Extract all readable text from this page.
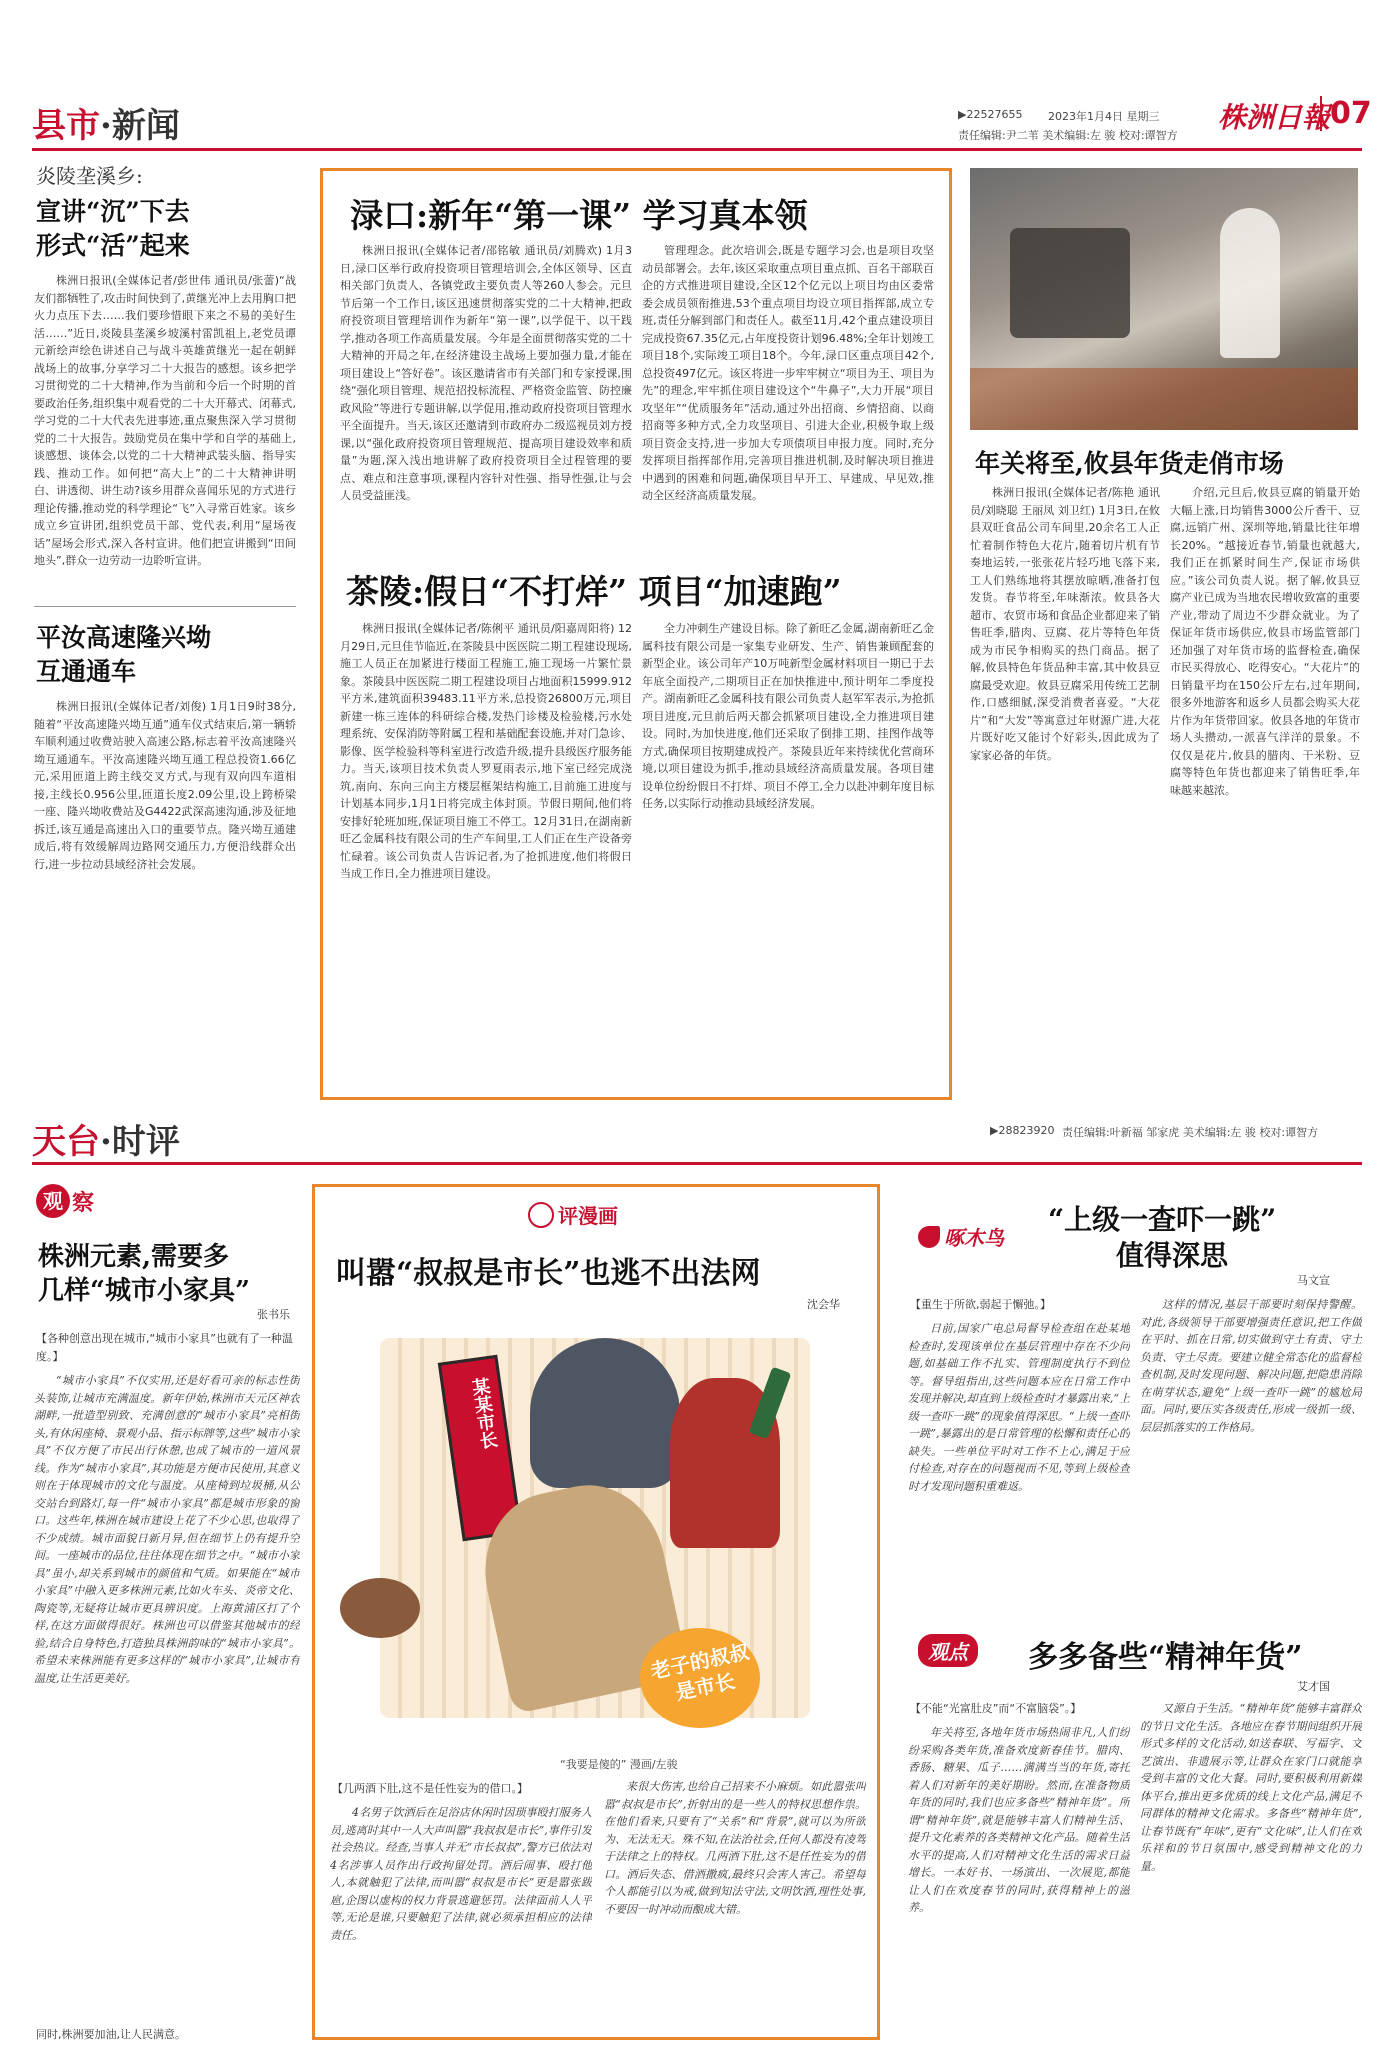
县市·新闻	▶22527655 2023年1月4日 星期三
责任编辑:尹二苇 美术编辑:左 骏 校对:谭智方
株洲日報 07
炎陵垄溪乡:
宣讲“沉”下去
形式“活”起来

株洲日报讯(全媒体记者/彭世伟 通讯员/张蕾)“战友们都牺牲了,攻击时间快到了,黄继光冲上去用胸口把火力点压下去……我们要珍惜眼下来之不易的美好生活……”近日,炎陵县垄溪乡坡溪村雷凯祖上,老党员谭元新绘声绘色讲述自己与战斗英雄黄继光一起在朝鲜战场上的故事,分享学习二十大报告的感想。该乡把学习贯彻党的二十大精神,作为当前和今后一个时期的首要政治任务,组织集中观看党的二十大开幕式、闭幕式,学习党的二十大代表先进事迹,重点聚焦深入学习贯彻党的二十大报告。鼓励党员在集中学和自学的基础上,谈感想、谈体会,以党的二十大精神武装头脑、指导实践、推动工作。如何把“高大上”的二十大精神讲明白、讲透彻、讲生动?该乡用群众喜闻乐见的方式进行理论传播,推动党的科学理论“飞”入寻常百姓家。该乡成立乡宣讲团,组织党员干部、党代表,利用“屋场夜话”屋场会形式,深入各村宣讲。他们把宣讲搬到“田间地头”,群众一边劳动一边聆听宣讲。

平汝高速隆兴坳
互通通车

株洲日报讯(全媒体记者/刘俊) 1月1日9时38分,随着“平汝高速隆兴坳互通”通车仪式结束后,第一辆轿车顺利通过收费站驶入高速公路,标志着平汝高速隆兴坳互通通车。平汝高速隆兴坳互通工程总投资1.66亿元,采用匝道上跨主线交叉方式,与现有双向四车道相接,主线长0.956公里,匝道长度2.09公里,设上跨桥梁一座、隆兴坳收费站及G4422武深高速沟通,涉及征地拆迁,该互通是高速出入口的重要节点。隆兴坳互通建成后,将有效缓解周边路网交通压力,方便沿线群众出行,进一步拉动县域经济社会发展。

渌口:新年“第一课” 学习真本领

株洲日报讯(全媒体记者/邵铭敏 通讯员/刘腾欢) 1月3日,渌口区举行政府投资项目管理培训会,全体区领导、区直相关部门负责人、各镇党政主要负责人等260人参会。元旦节后第一个工作日,该区迅速贯彻落实党的二十大精神,把政府投资项目管理培训作为新年“第一课”,以学促干、以干践学,推动各项工作高质量发展。今年是全面贯彻落实党的二十大精神的开局之年,在经济建设主战场上要加强力量,才能在项目建设上“答好卷”。该区邀请省市有关部门和专家授课,围绕“强化项目管理、规范招投标流程、严格资金监管、防控廉政风险”等进行专题讲解,以学促用,推动政府投资项目管理水平全面提升。当天,该区还邀请到市政府办二级巡视员刘方授课,以“强化政府投资项目管理规范、提高项目建设效率和质量”为题,深入浅出地讲解了政府投资项目全过程管理的要点、难点和注意事项,课程内容针对性强、指导性强,让与会人员受益匪浅。

管理理念。此次培训会,既是专题学习会,也是项目攻坚动员部署会。去年,该区采取重点项目重点抓、百名干部联百企的方式推进项目建设,全区12个亿元以上项目均由区委常委会成员领衔推进,53个重点项目均设立项目指挥部,成立专班,责任分解到部门和责任人。截至11月,42个重点建设项目完成投资67.35亿元,占年度投资计划96.48%;全年计划竣工项目18个,实际竣工项目18个。今年,渌口区重点项目42个,总投资497亿元。该区将进一步牢牢树立“项目为王、项目为先”的理念,牢牢抓住项目建设这个“牛鼻子”,大力开展“项目攻坚年”“优质服务年”活动,通过外出招商、乡情招商、以商招商等多种方式,全力攻坚项目、引进大企业,积极争取上级项目资金支持,进一步加大专项债项目申报力度。同时,充分发挥项目指挥部作用,完善项目推进机制,及时解决项目推进中遇到的困难和问题,确保项目早开工、早建成、早见效,推动全区经济高质量发展。

茶陵:假日“不打烊” 项目“加速跑”

株洲日报讯(全媒体记者/陈俐平 通讯员/阳嘉周阳将) 12月29日,元旦佳节临近,在茶陵县中医医院二期工程建设现场,施工人员正在加紧进行楼面工程施工,施工现场一片繁忙景象。茶陵县中医医院二期工程建设项目占地面积15999.912平方米,建筑面积39483.11平方米,总投资26800万元,项目新建一栋三连体的科研综合楼,发热门诊楼及检验楼,污水处理系统、安保消防等附属工程和基础配套设施,并对门急诊、影像、医学检验科等科室进行改造升级,提升县级医疗服务能力。当天,该项目技术负责人罗夏雨表示,地下室已经完成浇筑,南向、东向三向主方楼层框架结构施工,目前施工进度与计划基本同步,1月1日将完成主体封顶。节假日期间,他们将安排好轮班加班,保证项目施工不停工。12月31日,在湖南新旺乙金属科技有限公司的生产车间里,工人们正在生产设备旁忙碌着。该公司负责人告诉记者,为了抢抓进度,他们将假日当成工作日,全力推进项目建设。

全力冲刺生产建设目标。除了新旺乙金属,湖南新旺乙金属科技有限公司是一家集专业研发、生产、销售兼顾配套的新型企业。该公司年产10万吨新型金属材料项目一期已于去年底全面投产,二期项目正在加快推进中,预计明年二季度投产。湖南新旺乙金属科技有限公司负责人赵军军表示,为抢抓项目进度,元旦前后两天都会抓紧项目建设,全力推进项目建设。同时,为加快进度,他们还采取了倒排工期、挂图作战等方式,确保项目按期建成投产。茶陵县近年来持续优化营商环境,以项目建设为抓手,推动县域经济高质量发展。各项目建设单位纷纷假日不打烊、项目不停工,全力以赴冲刺年度目标任务,以实际行动推动县域经济发展。

年关将至,攸县年货走俏市场

株洲日报讯(全媒体记者/陈艳 通讯员/刘晓聪 王丽凤 刘卫红) 1月3日,在攸县双旺食品公司车间里,20余名工人正忙着制作特色大花片,随着切片机有节奏地运转,一张张花片轻巧地飞落下来,工人们熟练地将其摆放晾晒,准备打包发货。春节将至,年味渐浓。攸县各大超市、农贸市场和食品企业都迎来了销售旺季,腊肉、豆腐、花片等特色年货成为市民争相购买的热门商品。据了解,攸县特色年货品种丰富,其中攸县豆腐最受欢迎。攸县豆腐采用传统工艺制作,口感细腻,深受消费者喜爱。“大花片”和“大发”等寓意过年财源广进,大花片既好吃又能讨个好彩头,因此成为了家家必备的年货。

介绍,元旦后,攸县豆腐的销量开始大幅上涨,日均销售3000公斤香干、豆腐,远销广州、深圳等地,销量比往年增长20%。“越接近春节,销量也就越大,我们正在抓紧时间生产,保证市场供应。”该公司负责人说。据了解,攸县豆腐产业已成为当地农民增收致富的重要产业,带动了周边不少群众就业。为了保证年货市场供应,攸县市场监管部门还加强了对年货市场的监督检查,确保市民买得放心、吃得安心。“大花片”的日销量平均在150公斤左右,过年期间,很多外地游客和返乡人员都会购买大花片作为年货带回家。攸县各地的年货市场人头攒动,一派喜气洋洋的景象。不仅仅是花片,攸县的腊肉、干米粉、豆腐等特色年货也都迎来了销售旺季,年味越来越浓。

天台·时评	▶28823920 责任编辑:叶新福 邹家虎 美术编辑:左 骏 校对:谭智方
观 察
株洲元素,需要多
几样“城市小家具”
张书乐
【各种创意出现在城市,“城市小家具”也就有了一种温度。】

“城市小家具”不仅实用,还是好看可亲的标志性街头装饰,让城市充满温度。新年伊始,株洲市天元区神农湖畔,一批造型别致、充满创意的“城市小家具”亮相街头,有休闲座椅、景观小品、指示标牌等,这些“城市小家具”不仅方便了市民出行休憩,也成了城市的一道风景线。作为“城市小家具”,其功能是方便市民使用,其意义则在于体现城市的文化与温度。从座椅到垃圾桶,从公交站台到路灯,每一件“城市小家具”都是城市形象的窗口。这些年,株洲在城市建设上花了不少心思,也取得了不少成绩。城市面貌日新月异,但在细节上仍有提升空间。一座城市的品位,往往体现在细节之中。“城市小家具”虽小,却关系到城市的颜值和气质。如果能在“城市小家具”中融入更多株洲元素,比如火车头、炎帝文化、陶瓷等,无疑将让城市更具辨识度。上海黄浦区打了个样,在这方面做得很好。株洲也可以借鉴其他城市的经验,结合自身特色,打造独具株洲韵味的“城市小家具”。希望未来株洲能有更多这样的“城市小家具”,让城市有温度,让生活更美好。

同时,株洲要加油,让人民满意。
评漫画
叫嚣“叔叔是市长”也逃不出法网
沈会华
某某市长
老子的叔叔是市长
“我要是傻的” 漫画/左骏
【几两酒下肚,这不是任性妄为的借口。】

4名男子饮酒后在足浴店休闲时因琐事殴打服务人员,逃离时其中一人大声叫嚣“我叔叔是市长”,事件引发社会热议。经查,当事人并无“市长叔叔”,警方已依法对4名涉事人员作出行政拘留处罚。酒后闹事、殴打他人,本就触犯了法律,而叫嚣“叔叔是市长”更是嚣张跋扈,企图以虚构的权力背景逃避惩罚。法律面前人人平等,无论是谁,只要触犯了法律,就必须承担相应的法律责任。

来很大伤害,也给自己招来不小麻烦。如此嚣张叫嚣“叔叔是市长”,折射出的是一些人的特权思想作祟。在他们看来,只要有了“关系”和“背景”,就可以为所欲为、无法无天。殊不知,在法治社会,任何人都没有凌驾于法律之上的特权。几两酒下肚,这不是任性妄为的借口。酒后失态、借酒撒疯,最终只会害人害己。希望每个人都能引以为戒,做到知法守法,文明饮酒,理性处事,不要因一时冲动而酿成大错。

啄木鸟
“上级一查吓一跳”
值得深思
马文宣
【重生于所欲,弱起于懈弛。】

日前,国家广电总局督导检查组在赴某地检查时,发现该单位在基层管理中存在不少问题,如基础工作不扎实、管理制度执行不到位等。督导组指出,这些问题本应在日常工作中发现并解决,却直到上级检查时才暴露出来,“上级一查吓一跳”的现象值得深思。“上级一查吓一跳”,暴露出的是日常管理的松懈和责任心的缺失。一些单位平时对工作不上心,满足于应付检查,对存在的问题视而不见,等到上级检查时才发现问题积重难返。

这样的情况,基层干部要时刻保持警醒。对此,各级领导干部要增强责任意识,把工作做在平时、抓在日常,切实做到守土有责、守土负责、守土尽责。要建立健全常态化的监督检查机制,及时发现问题、解决问题,把隐患消除在萌芽状态,避免“上级一查吓一跳”的尴尬局面。同时,要压实各级责任,形成一级抓一级、层层抓落实的工作格局。

观点	多多备些“精神年货”
艾才国
【不能“光富肚皮”而“不富脑袋”。】

年关将至,各地年货市场热闹非凡,人们纷纷采购各类年货,准备欢度新春佳节。腊肉、香肠、糖果、瓜子……满满当当的年货,寄托着人们对新年的美好期盼。然而,在准备物质年货的同时,我们也应多备些“精神年货”。所谓“精神年货”,就是能够丰富人们精神生活、提升文化素养的各类精神文化产品。随着生活水平的提高,人们对精神文化生活的需求日益增长。一本好书、一场演出、一次展览,都能让人们在欢度春节的同时,获得精神上的滋养。

又源自于生活。“精神年货”能够丰富群众的节日文化生活。各地应在春节期间组织开展形式多样的文化活动,如送春联、写福字、文艺演出、非遗展示等,让群众在家门口就能享受到丰富的文化大餐。同时,要积极利用新媒体平台,推出更多优质的线上文化产品,满足不同群体的精神文化需求。多备些“精神年货”,让春节既有“年味”,更有“文化味”,让人们在欢乐祥和的节日氛围中,感受到精神文化的力量。
